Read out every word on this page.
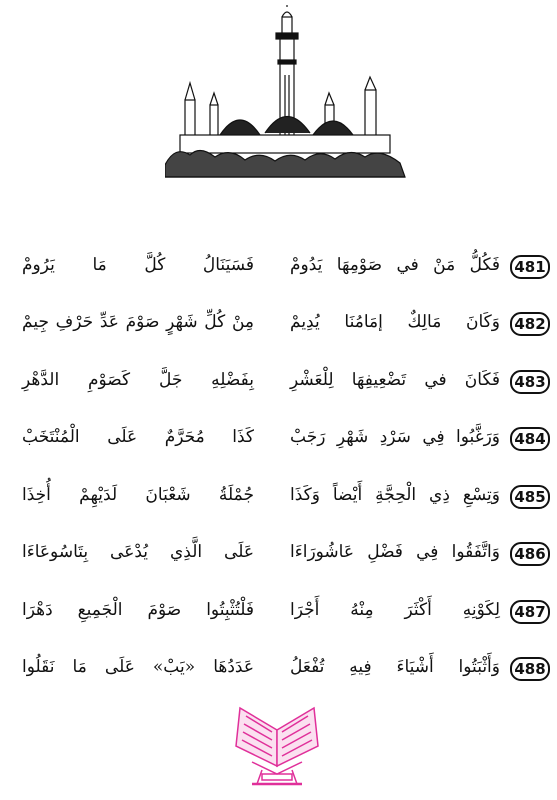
فَسَيَنَالُ كُلَّ مَا يَرُومْ فَكُلُّ مَنْ في صَوْمِهَا يَدُومْ 481
مِنْ كُلِّ شَهْرٍ صَوْمَ عَدِّ حَرْفِ جِيمْ وَكَانَ مَالِكٌ إمَامُنَا يُدِيمْ 482
بِفَضْلِهِ جَلَّ كَصَوْمِ الدَّهْرِ فَكَانَ في تَضْعِيفِهَا لِلْعَشْرِ 483
كَذَا مُحَرَّمٌ عَلَى الْمُنْتَخَبْ وَرَغَّبُوا فِي سَرْدِ شَهْرِ رَجَبْ 484
جُمْلَةُ شَعْبَانَ لَدَيْهِمْ أُخِذَا وَتِسْعِ ذِي الْحِجَّةِ أَيْضاً وَكَذَا 485
عَلَى الَّذِي يُدْعَى بِتَاسُوعَاءَا وَاتَّفَقُوا فِي فَضْلِ عَاشُورَاءَا 486
فَلْتُثْبِتُوا صَوْمَ الْجَمِيعِ دَهْرَا لِكَوْنِهِ أَكْثَرَ مِنْهُ أَجْرَا 487
عَدَدُهَا «يَبْ» عَلَى مَا نَقَلُوا وَأَثْبَتُوا أَشْيَاءَ فِيهِ تُفْعَلُ 488
